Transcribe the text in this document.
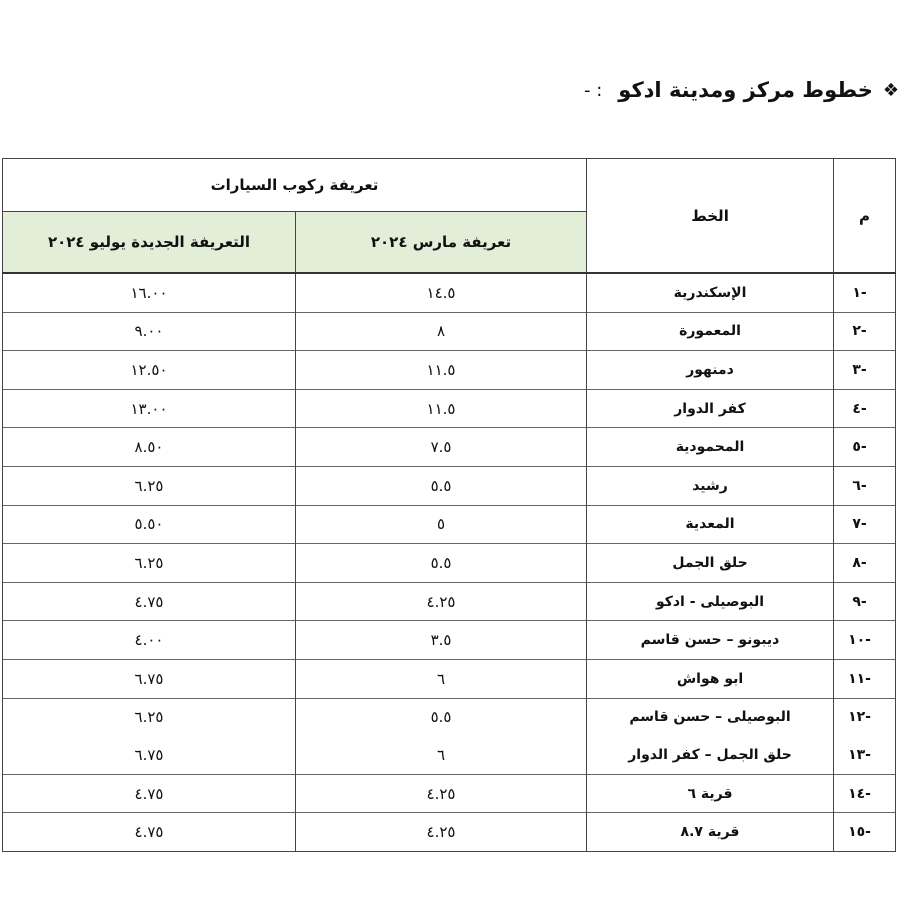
❖
خطوط مركز ومدينة ادكو
: -
م	الخط	تعريفة ركوب السيارات	
		تعريفة مارس ٢٠٢٤	التعريفة الجديدة يوليو ٢٠٢٤
-١	الإسكندرية	١٤.٥	١٦.٠٠
-٢	المعمورة	٨	٩.٠٠
-٣	دمنهور	١١.٥	١٢.٥٠
-٤	كفر الدوار	١١.٥	١٣.٠٠
-٥	المحمودية	٧.٥	٨.٥٠
-٦	رشيد	٥.٥	٦.٢٥
-٧	المعدية	٥	٥.٥٠
-٨	حلق الجمل	٥.٥	٦.٢٥
-٩	البوصيلى - ادكو	٤.٢٥	٤.٧٥
-١٠	ديبونو – حسن قاسم	٣.٥	٤.٠٠
-١١	ابو هواش	٦	٦.٧٥
-١٢	البوصيلى – حسن قاسم	٥.٥	٦.٢٥
-١٣	حلق الجمل – كفر الدوار	٦	٦.٧٥
-١٤	قرية ٦	٤.٢٥	٤.٧٥
-١٥	قرية ٨.٧	٤.٢٥	٤.٧٥
